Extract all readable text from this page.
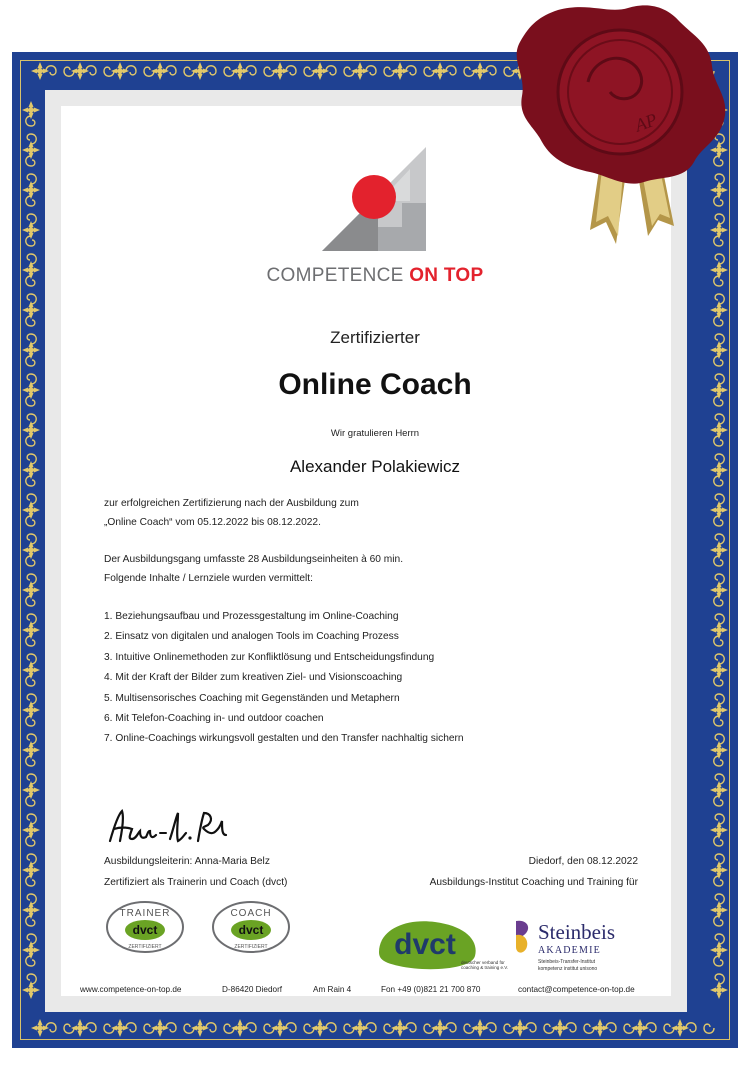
COMPETENCE ON TOP
Zertifizierter
Online Coach
Wir gratulieren Herrn
Alexander Polakiewicz
zur erfolgreichen Zertifizierung nach der Ausbildung zum
„Online Coach“ vom 05.12.2022 bis 08.12.2022.
Der Ausbildungsgang umfasste 28 Ausbildungseinheiten à 60 min.
Folgende Inhalte / Lernziele wurden vermittelt:
1. Beziehungsaufbau und Prozessgestaltung im Online-Coaching
2. Einsatz von digitalen und analogen Tools im Coaching Prozess
3. Intuitive Onlinemethoden zur Konfliktlösung und Entscheidungsfindung
4. Mit der Kraft der Bilder zum kreativen Ziel- und Visionscoaching
5. Multisensorisches Coaching mit Gegenständen und Metaphern
6. Mit Telefon-Coaching in- und outdoor coachen
7. Online-Coachings wirkungsvoll gestalten und den Transfer nachhaltig sichern
Ausbildungsleiterin: Anna-Maria Belz
Zertifiziert als Trainerin und Coach (dvct)
Diedorf, den 08.12.2022
Ausbildungs-Institut Coaching und Training für
TRAINER
dvct
ZERTIFIZIERT
COACH
dvct
ZERTIFIZIERT	dvct
deutscher verband für
coaching & training e.V.
Steinbeis
AKADEMIE
Steinbeis-Transfer-Institut
kompetenz institut unisono
www.competence-on-top.de	D-86420 Diedorf	Am Rain 4	Fon +49 (0)821 21 700 870	contact@competence-on-top.de
AP
